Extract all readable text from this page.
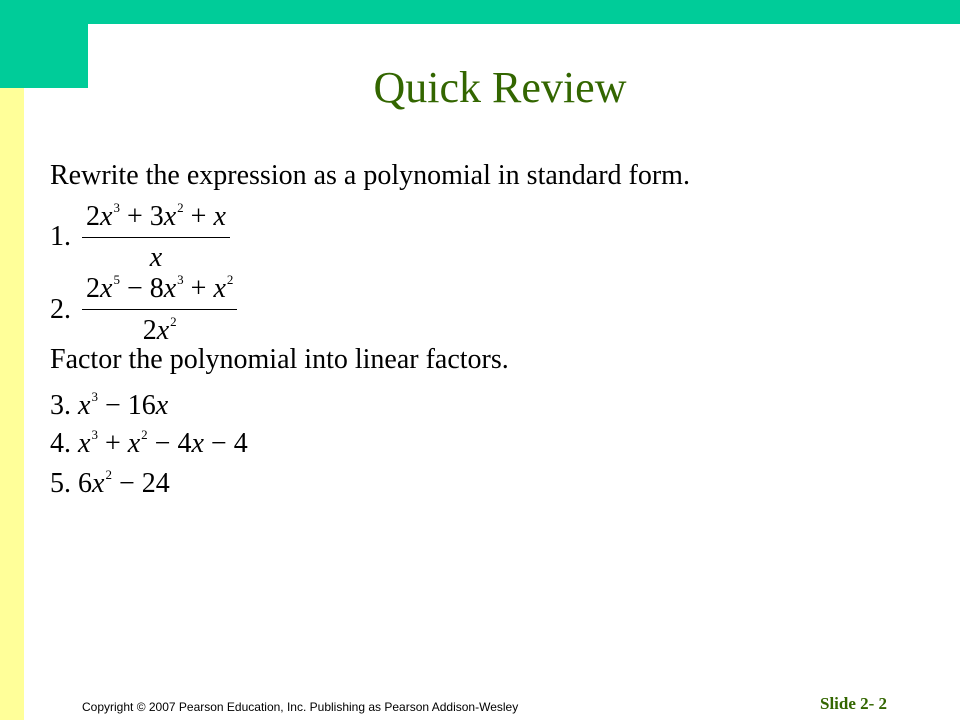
Quick Review
Rewrite the expression as a polynomial in standard form.
1. $\frac{2x^3 + 3x^2 + x}{x}$
2. $\frac{2x^5 - 8x^3 + x^2}{2x^2}$
Factor the polynomial into linear factors.
3. $x^3 - 16x$
4. $x^3 + x^2 - 4x - 4$
5. $6x^2 - 24$
Copyright © 2007 Pearson Education, Inc. Publishing as Pearson Addison-Wesley	Slide 2- 2
